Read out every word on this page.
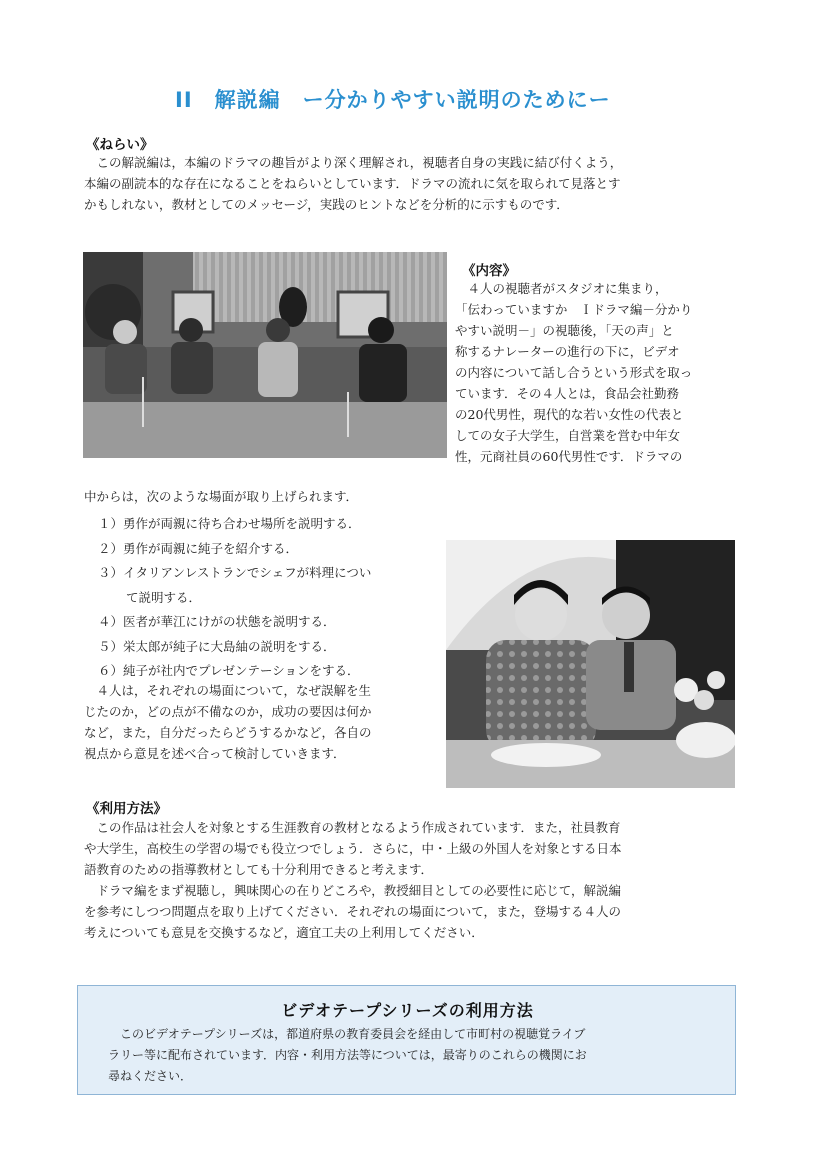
II　解説編　ー分かりやすい説明のためにー
《ねらい》
　この解説編は，本編のドラマの趣旨がより深く理解され，視聴者自身の実践に結び付くよう，
本編の副読本的な存在になることをねらいとしています．ドラマの流れに気を取られて見落とす
かもしれない，教材としてのメッセージ，実践のヒントなどを分析的に示すものです．
《内容》
　４人の視聴者がスタジオに集まり，
「伝わっていますか　Ｉドラマ編－分かり
やすい説明－」の視聴後，「天の声」と
称するナレーターの進行の下に，ビデオ
の内容について話し合うという形式を取っ
ています．その４人とは，食品会社勤務
の20代男性，現代的な若い女性の代表と
しての女子大学生，自営業を営む中年女
性，元商社員の60代男性です．ドラマの
中からは，次のような場面が取り上げられます．
１）勇作が両親に待ち合わせ場所を説明する．
２）勇作が両親に純子を紹介する．
３）イタリアンレストランでシェフが料理につい
て説明する．
４）医者が華江にけがの状態を説明する．
５）栄太郎が純子に大島紬の説明をする．
６）純子が社内でプレゼンテーションをする．
　４人は，それぞれの場面について，なぜ誤解を生
じたのか，どの点が不備なのか，成功の要因は何か
など，また，自分だったらどうするかなど，各自の
視点から意見を述べ合って検討していきます．
《利用方法》
　この作品は社会人を対象とする生涯教育の教材となるよう作成されています．また，社員教育
や大学生，高校生の学習の場でも役立つでしょう．さらに，中・上級の外国人を対象とする日本
語教育のための指導教材としても十分利用できると考えます．
　ドラマ編をまず視聴し，興味関心の在りどころや，教授細目としての必要性に応じて，解説編
を参考にしつつ問題点を取り上げてください．それぞれの場面について，また，登場する４人の
考えについても意見を交換するなど，適宜工夫の上利用してください．
ビデオテープシリーズの利用方法
　このビデオテープシリーズは，都道府県の教育委員会を経由して市町村の視聴覚ライブ
ラリー等に配布されています．内容・利用方法等については，最寄りのこれらの機関にお
尋ねください．
